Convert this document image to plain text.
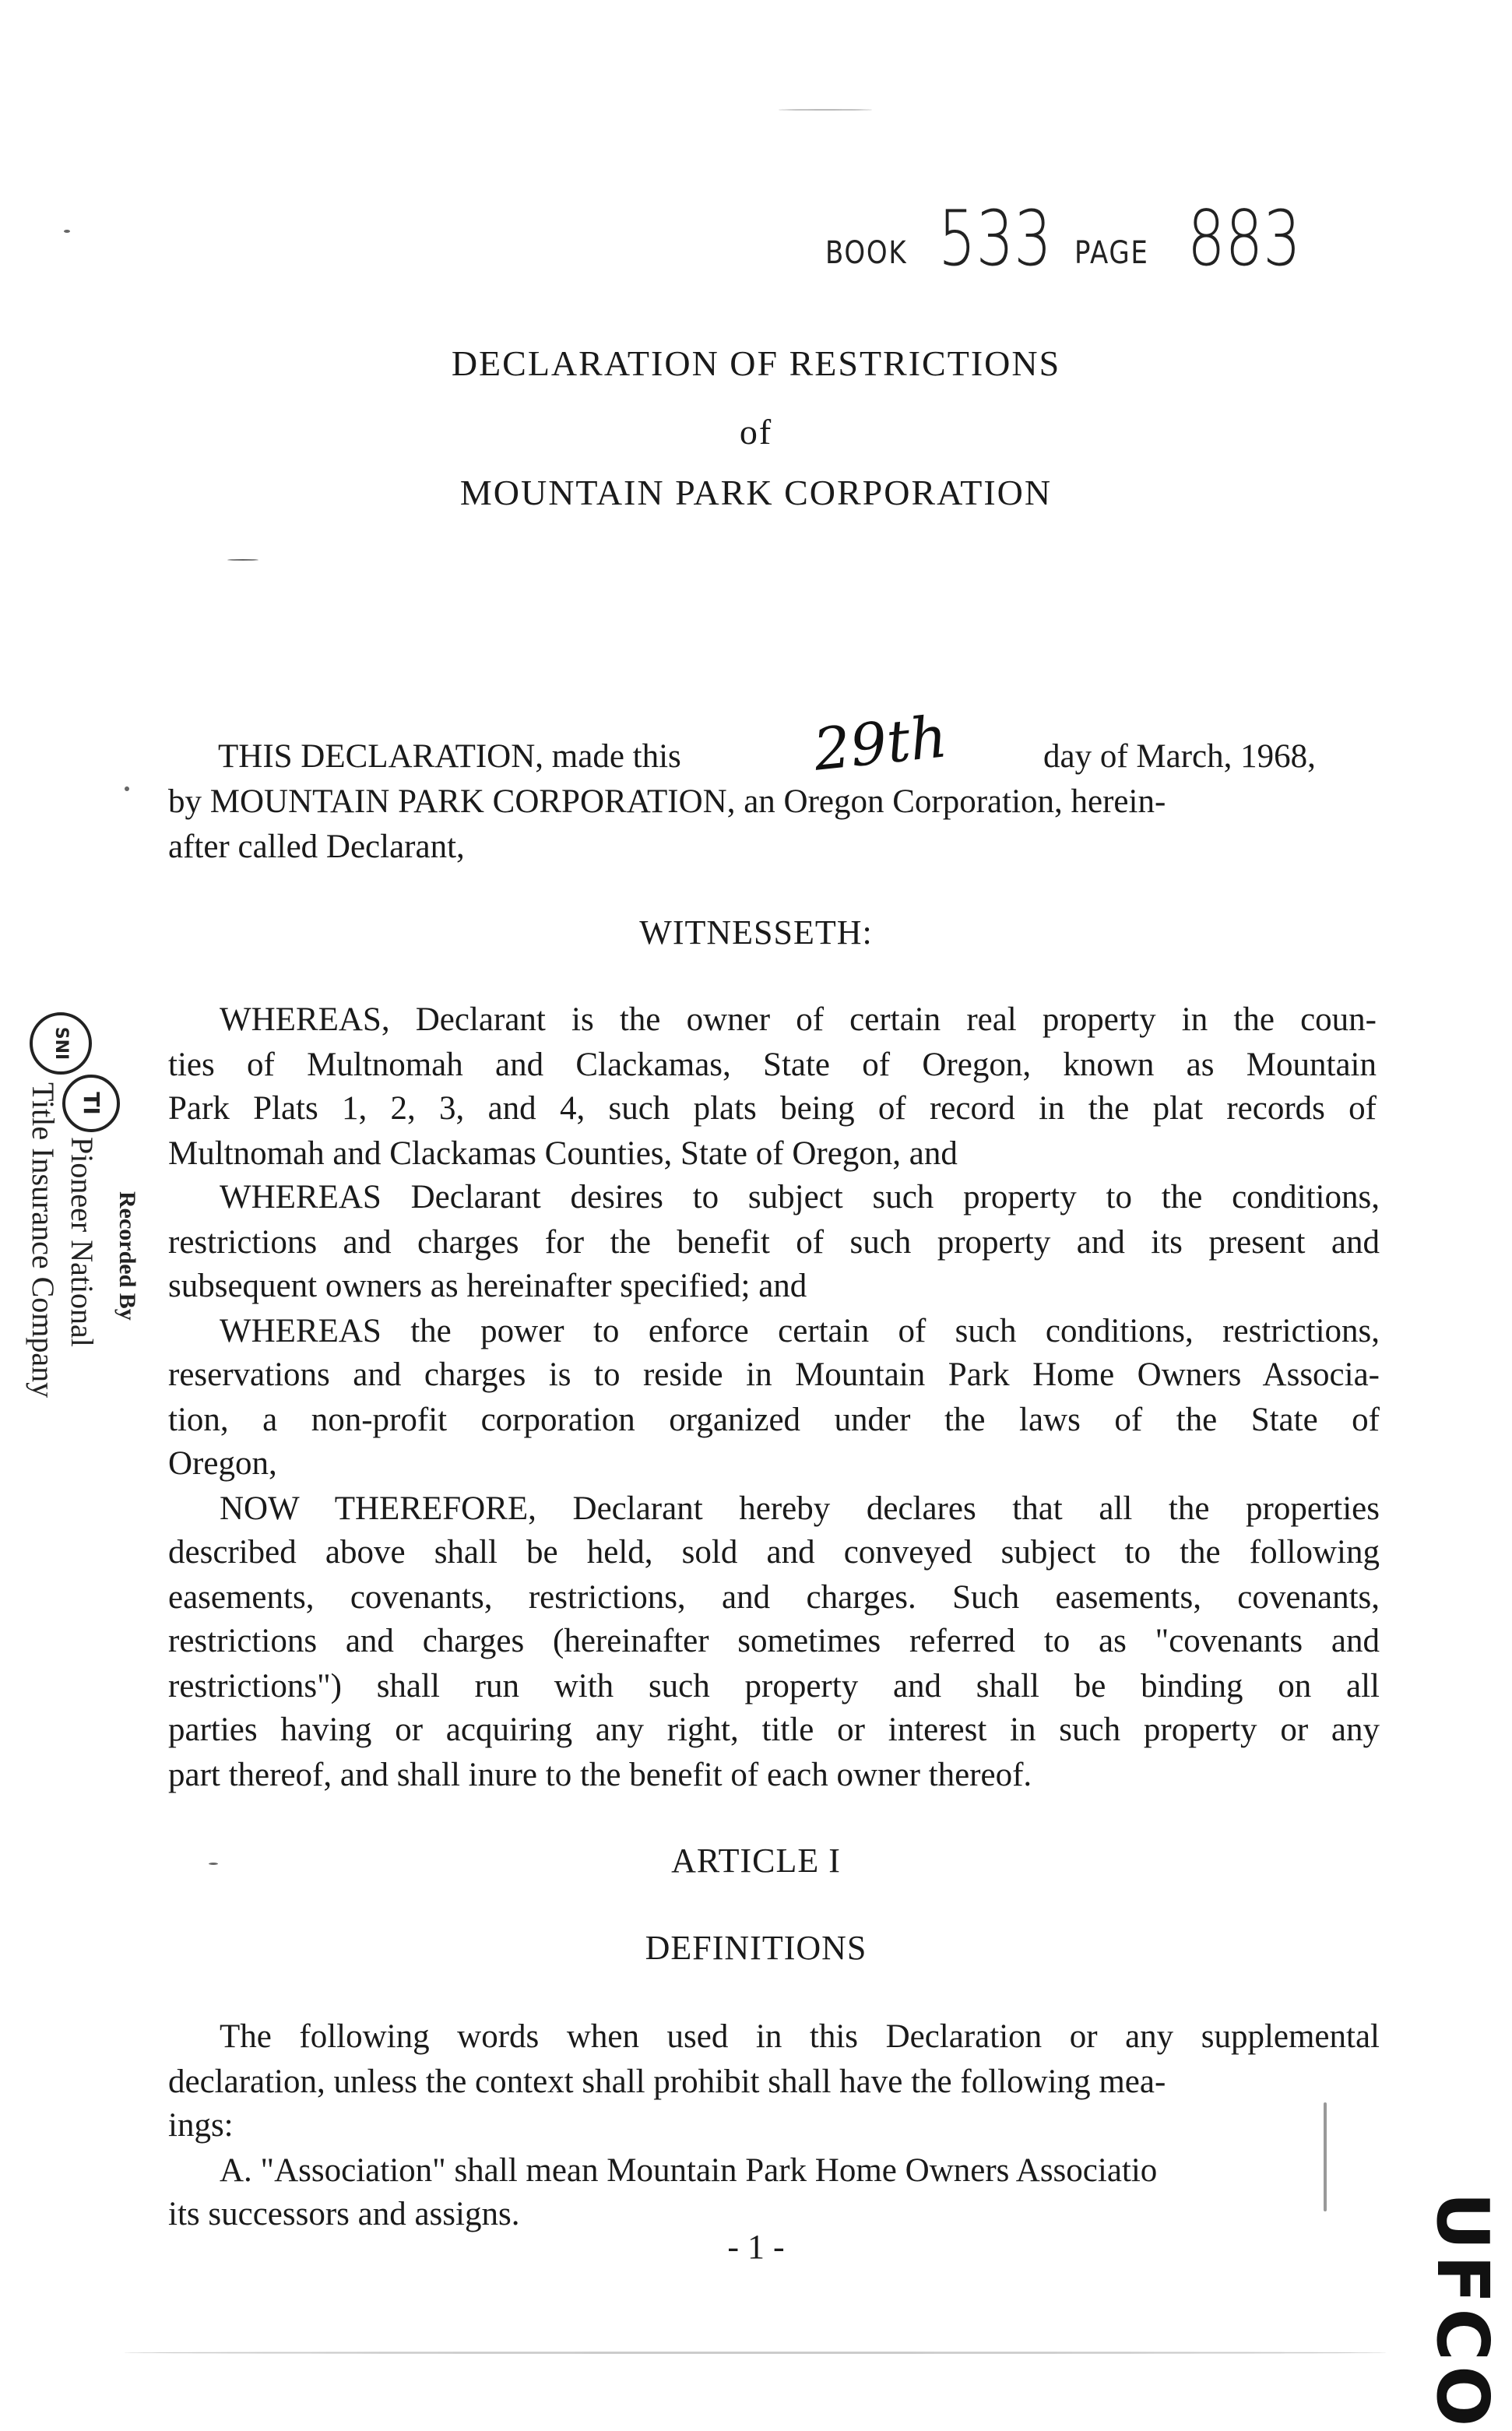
BOOK 533 PAGE 883
DECLARATION OF RESTRICTIONS
of
MOUNTAIN PARK CORPORATION
THIS DECLARATION, made this 29th	day of March, 1968,
by MOUNTAIN PARK CORPORATION, an Oregon Corporation, herein-
after called Declarant,
WITNESSETH:
WHEREAS, Declarant is the owner of certain real property in the coun-
ties of Multnomah and Clackamas, State of Oregon, known as Mountain
Park Plats 1, 2, 3, and 4, such plats being of record in the plat records of
Multnomah and Clackamas Counties, State of Oregon, and
WHEREAS Declarant desires to subject such property to the conditions,
restrictions and charges for the benefit of such property and its present and
subsequent owners as hereinafter specified; and
WHEREAS the power to enforce certain of such conditions, restrictions,
reservations and charges is to reside in Mountain Park Home Owners Associa-
tion, a non-profit corporation organized under the laws of the State of
Oregon,
NOW THEREFORE, Declarant hereby declares that all the properties
described above shall be held, sold and conveyed subject to the following
easements, covenants, restrictions, and charges. Such easements, covenants,
restrictions and charges (hereinafter sometimes referred to as "covenants and
restrictions") shall run with such property and shall be binding on all
parties having or acquiring any right, title or interest in such property or any
part thereof, and shall inure to the benefit of each owner thereof.
ARTICLE I
DEFINITIONS
The following words when used in this Declaration or any supplemental
declaration, unless the context shall prohibit shall have the following mea-
ings:
A. "Association" shall mean Mountain Park Home Owners Associatio
its successors and assigns.
- 1 -
SNI
TI
Recorded By
Pioneer National
Title Insurance Company
UFCO
